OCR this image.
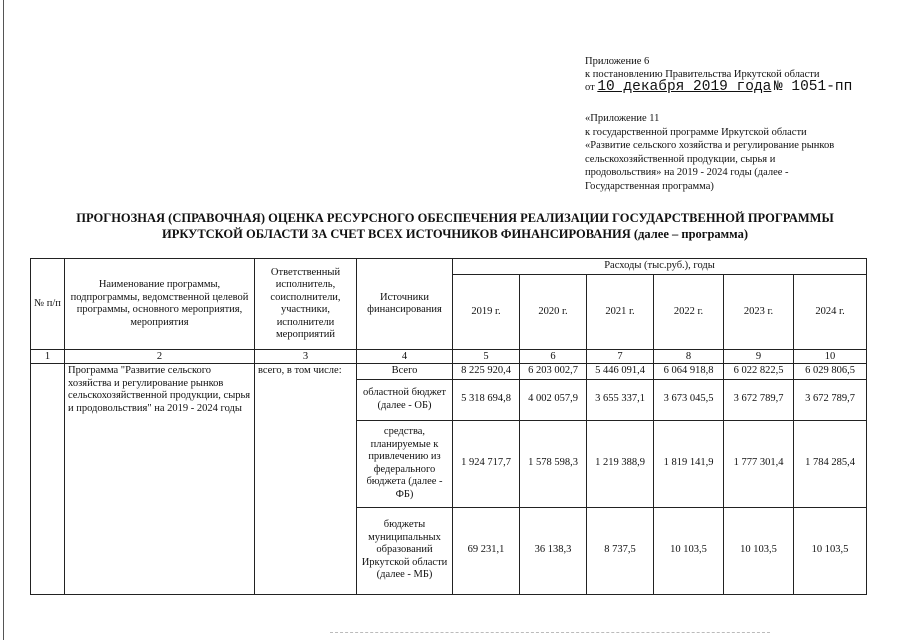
Приложение 6
к постановлению Правительства Иркутской области
от 10 декабря 2019 года № 1051-пп
«Приложение 11
к государственной программе Иркутской области
«Развитие сельского хозяйства и регулирование рынков
сельскохозяйственной продукции, сырья и
продовольствия» на 2019 - 2024 годы (далее -
Государственная программа)
ПРОГНОЗНАЯ (СПРАВОЧНАЯ) ОЦЕНКА РЕСУРСНОГО ОБЕСПЕЧЕНИЯ РЕАЛИЗАЦИИ ГОСУДАРСТВЕННОЙ ПРОГРАММЫ
ИРКУТСКОЙ ОБЛАСТИ ЗА СЧЕТ ВСЕХ ИСТОЧНИКОВ ФИНАНСИРОВАНИЯ (далее – программа)
№ п/п	Наименование программы, подпрограммы, ведомственной целевой программы, основного мероприятия, мероприятия	Ответственный исполнитель, соисполнители, участники, исполнители мероприятий	Источники финансирования	Расходы (тыс.руб.), годы					
				2019 г.	2020 г.	2021 г.	2022 г.	2023 г.	2024 г.
1	2	3	4	5	6	7	8	9	10
	Программа "Развитие сельского хозяйства и регулирование рынков сельскохозяйственной продукции, сырья и продовольствия" на 2019 - 2024 годы	всего, в том числе:	Всего	8 225 920,4	6 203 002,7	5 446 091,4	6 064 918,8	6 022 822,5	6 029 806,5
			областной бюджет (далее - ОБ)	5 318 694,8	4 002 057,9	3 655 337,1	3 673 045,5	3 672 789,7	3 672 789,7
			средства, планируемые к привлечению из федерального бюджета (далее - ФБ)	1 924 717,7	1 578 598,3	1 219 388,9	1 819 141,9	1 777 301,4	1 784 285,4
			бюджеты муниципальных образований Иркутской области (далее - МБ)	69 231,1	36 138,3	8 737,5	10 103,5	10 103,5	10 103,5
